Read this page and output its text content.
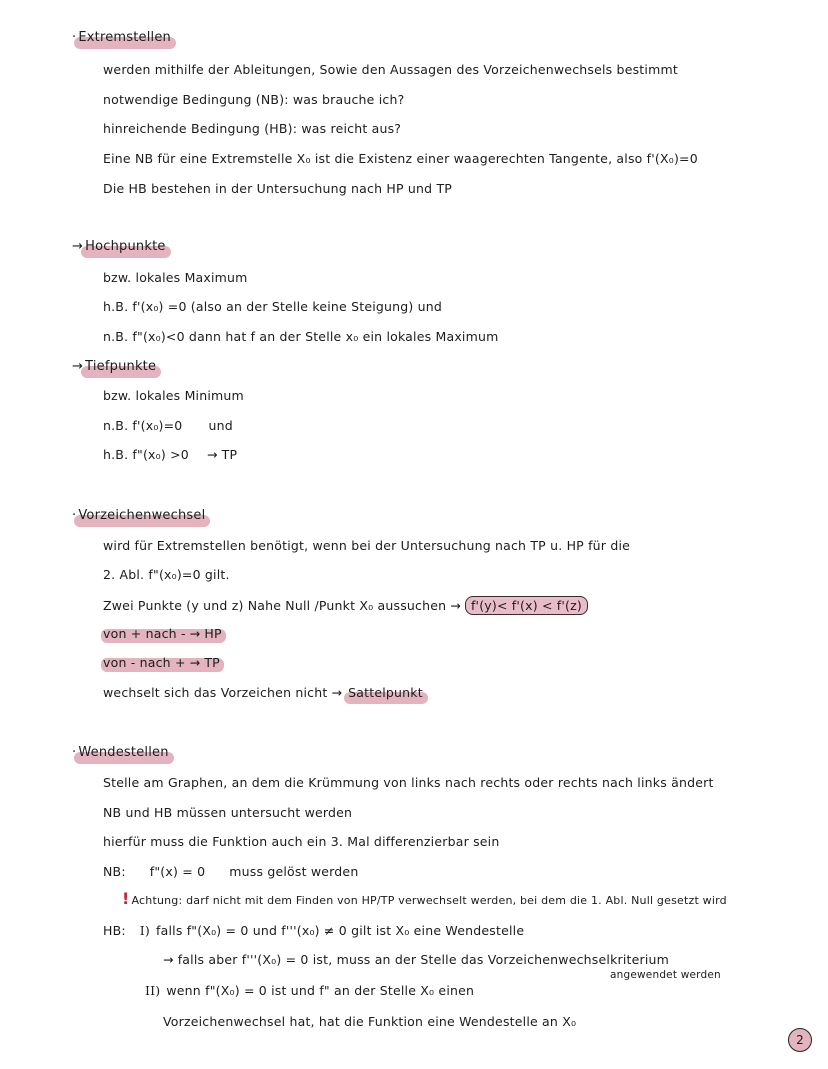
· Extremstellen
werden mithilfe der Ableitungen, Sowie den Aussagen des Vorzeichenwechsels bestimmt
notwendige Bedingung (NB): was brauche ich?
hinreichende Bedingung (HB): was reicht aus?
Eine NB für eine Extremstelle X₀ ist die Existenz einer waagerechten Tangente, also f'(X₀)=0
Die HB bestehen in der Untersuchung nach HP und TP
→ Hochpunkte
bzw. lokales Maximum
h.B. f'(x₀) =0 (also an der Stelle keine Steigung) und
n.B. f"(x₀)<0 dann hat f an der Stelle x₀ ein lokales Maximum
→ Tiefpunkte
bzw. lokales Minimum
n.B. f'(x₀)=0 und
h.B. f"(x₀) >0 → TP
· Vorzeichenwechsel
wird für Extremstellen benötigt, wenn bei der Untersuchung nach TP u. HP für die
2. Abl. f"(x₀)=0 gilt.
Zwei Punkte (y und z) Nahe Null /Punkt X₀ aussuchen → f'(y)< f'(x) < f'(z)
von + nach - → HP
von - nach + → TP
wechselt sich das Vorzeichen nicht → Sattelpunkt
· Wendestellen
Stelle am Graphen, an dem die Krümmung von links nach rechts oder rechts nach links ändert
NB und HB müssen untersucht werden
hierfür muss die Funktion auch ein 3. Mal differenzierbar sein
NB: f"(x) = 0 muss gelöst werden
! Achtung: darf nicht mit dem Finden von HP/TP verwechselt werden, bei dem die 1. Abl. Null gesetzt wird
HB: I) falls f"(X₀) = 0 und f'''(x₀) ≠ 0 gilt ist X₀ eine Wendestelle
→ falls aber f'''(X₀) = 0 ist, muss an der Stelle das Vorzeichenwechselkriterium
angewendet werden
II) wenn f"(X₀) = 0 ist und f" an der Stelle X₀ einen
Vorzeichenwechsel hat, hat die Funktion eine Wendestelle an X₀
2
